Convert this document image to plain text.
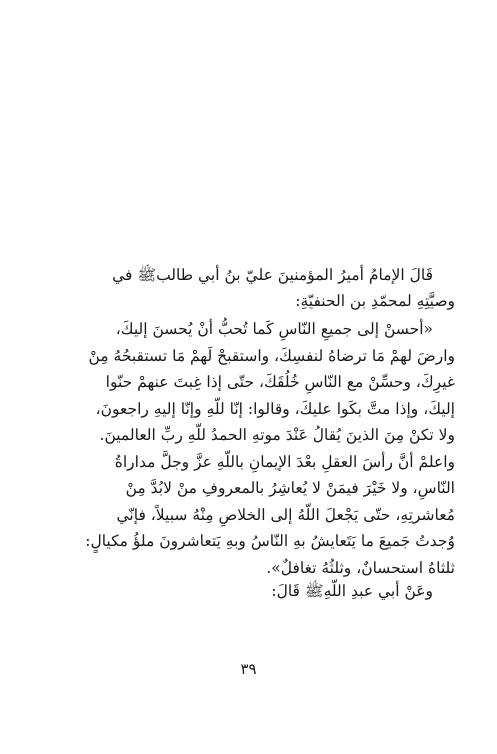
قَالَ الإمامُ أميرُ المؤمنينَ عليّ بنُ أبي طالبﷺ في
وصيَّتِهِ لمحمّدِ بن الحنفيّةِ:

«أحسنْ إلى جميعِ النّاسِ كَما تُحبُّ أنْ يُحسنَ إليكَ،

وارضَ لهمْ مَا ترضاهُ لنفسِكَ، واستقبحْ لَهمْ مَا تستقبحُهُ مِنْ

غيرِكَ، وحسِّنْ مع النّاسِ خُلُقَكَ، حتّى إذا غِبتَ عنهمْ حنّوا

إليكَ، وإذا متَّ بكَوا عليكَ، وقالوا: إنّا للّهِ وإنّا إليهِ راجعونَ،

ولا تكنْ مِنَ الذينَ يُقالُ عَنْدَ موتهِ الحمدُ للّهِ ربِّ العالمينَ.

واعلمْ أنَّ رأسَ العقلِ بعْدَ الإيمانِ باللّهِ عزَّ وجلَّ مداراةُ

النّاسِ، ولا خَيْرَ فيمَنْ لا يُعاشِرُ بالمعروفِ منْ لابُدَّ مِنْ

مُعاشرتِهِ، حتّى يَجْعلَ اللّهُ إلى الخلاصِ مِنْهُ سبيلاً، فإنّي

وُجدتُ جَميعَ ما يَتَعايشُ بهِ النّاسُ وبهِ يَتعاشرونَ ملؤُ مكيالٍ:

ثلثاهُ استحسانٌ، وثلثُهُ تغافلٌ».

وعَنْ أبي عبدِ اللّهِﷺ قَالَ:
٣٩
